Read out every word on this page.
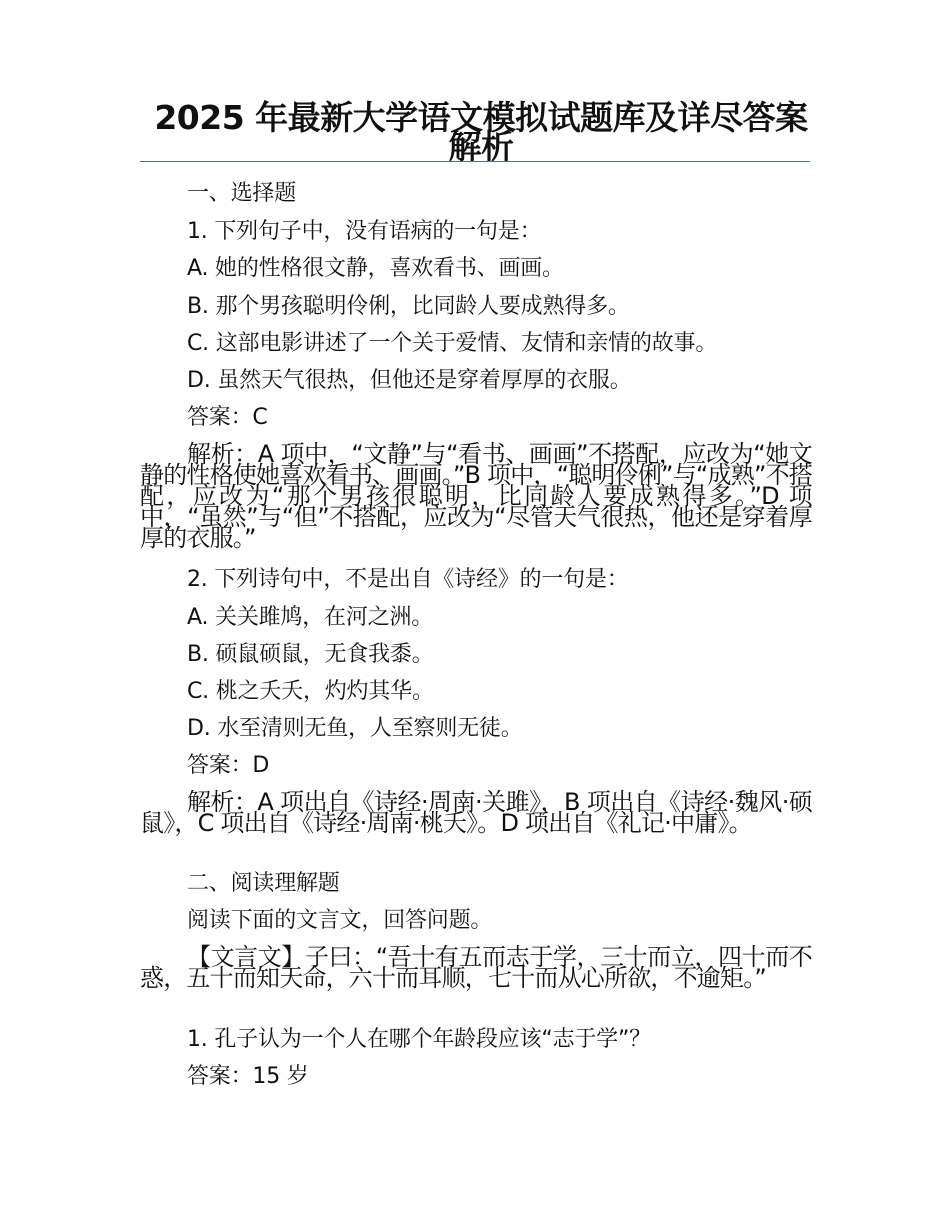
2025 年最新大学语文模拟试题库及详尽答案解析
一、选择题
1. 下列句子中，没有语病的一句是：
A. 她的性格很文静，喜欢看书、画画。
B. 那个男孩聪明伶俐，比同龄人要成熟得多。
C. 这部电影讲述了一个关于爱情、友情和亲情的故事。
D. 虽然天气很热，但他还是穿着厚厚的衣服。
答案：C
解析：A 项中，“文静”与“看书、画画”不搭配，应改为“她文静的性格使她喜欢看书、画画。”B 项中，“聪明伶俐”与“成熟”不搭配，应改为“那个男孩很聪明，比同龄人要成熟得多。”D 项中，“虽然”与“但”不搭配，应改为“尽管天气很热，他还是穿着厚厚的衣服。”
2. 下列诗句中，不是出自《诗经》的一句是：
A. 关关雎鸠，在河之洲。
B. 硕鼠硕鼠，无食我黍。
C. 桃之夭夭，灼灼其华。
D. 水至清则无鱼，人至察则无徒。
答案：D
解析：A 项出自《诗经·周南·关雎》，B 项出自《诗经·魏风·硕鼠》，C 项出自《诗经·周南·桃夭》。D 项出自《礼记·中庸》。
二、阅读理解题
阅读下面的文言文，回答问题。
【文言文】子曰：“吾十有五而志于学，三十而立，四十而不惑，五十而知天命，六十而耳顺，七十而从心所欲，不逾矩。”
1. 孔子认为一个人在哪个年龄段应该“志于学”？
答案：15 岁
